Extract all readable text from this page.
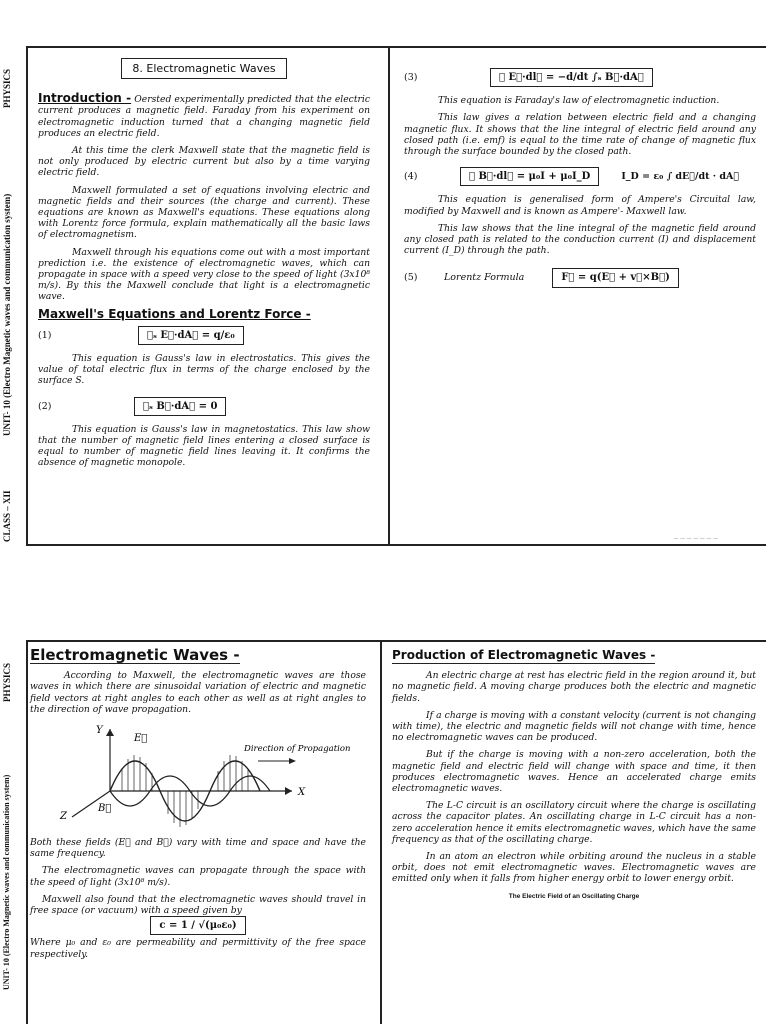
PHYSICS
UNIT- 10 (Electro Magnetic waves and communication system)
CLASS – XII
8. Electromagnetic Waves

Introduction - Oersted experimentally predicted that the electric current produces a magnetic field. Faraday from his experiment on electromagnetic induction turned that a changing magnetic field produces an electric field.

At this time the clerk Maxwell state that the magnetic field is not only produced by electric current but also by a time varying electric field.

Maxwell formulated a set of equations involving electric and magnetic fields and their sources (the charge and current). These equations are known as Maxwell's equations. These equations along with Lorentz force formula, explain mathematically all the basic laws of electromagnetism.

Maxwell through his equations come out with a most important prediction i.e. the existence of electromagnetic waves, which can propagate in space with a speed very close to the speed of light (3x10⁸ m/s). By this the Maxwell conclude that light is a electromagnetic wave.

Maxwell's Equations and Lorentz Force -
(1)	∮ₛ E⃗·dA⃗ = q/ε₀

This equation is Gauss's law in electrostatics. This gives the value of total electric flux in terms of the charge enclosed by the surface S.

(2)	∮ₛ B⃗·dA⃗ = 0

This equation is Gauss's law in magnetostatics. This law show that the number of magnetic field lines entering a closed surface is equal to number of magnetic field lines leaving it. It confirms the absence of magnetic monopole.

(3)	∮ E⃗·dl⃗ = −d/dt ∫ₛ B⃗·dA⃗

This equation is Faraday's law of electromagnetic induction.

This law gives a relation between electric field and a changing magnetic flux. It shows that the line integral of electric field around any closed path (i.e. emf) is equal to the time rate of change of magnetic flux through the surface bounded by the closed path.

(4)	∮ B⃗·dl⃗ = μ₀I + μ₀I_D	I_D = ε₀ ∫ dE⃗/dt · dA⃗

This equation is generalised form of Ampere's Circuital law, modified by Maxwell and is known as Ampere'- Maxwell law.

This law shows that the line integral of the magnetic field around any closed path is related to the conduction current (I) and displacement current (I_D) through the path.

(5)	Lorentz Formula	F⃗ = q(E⃗ + v⃗×B⃗)
— — — — — — —
PHYSICS
UNIT- 10 (Electro Magnetic waves and communication system)
Electromagnetic Waves -

According to Maxwell, the electromagnetic waves are those waves in which there are sinusoidal variation of electric and magnetic field vectors at right angles to each other as well as at right angles to the direction of wave propagation.

Y
E⃗
Z
B⃗
X
Direction of Propagation

Both these fields (E⃗ and B⃗) vary with time and space and have the same frequency.

The electromagnetic waves can propagate through the space with the speed of light (3x10⁸ m/s).

Maxwell also found that the electromagnetic waves should travel in free space (or vacuum) with a speed given by

c = 1 / √(μ₀ε₀)

Where μ₀ and ε₀ are permeability and permittivity of the free space respectively.

Production of Electromagnetic Waves -

An electric charge at rest has electric field in the region around it, but no magnetic field. A moving charge produces both the electric and magnetic fields.

If a charge is moving with a constant velocity (current is not changing with time), the electric and magnetic fields will not change with time, hence no electromagnetic waves can be produced.

But if the charge is moving with a non-zero acceleration, both the magnetic field and electric field will change with space and time, it then produces electromagnetic waves. Hence an accelerated charge emits electromagnetic waves.

The L-C circuit is an oscillatory circuit where the charge is oscillating across the capacitor plates. An oscillating charge in L-C circuit has a non-zero acceleration hence it emits electromagnetic waves, which have the same frequency as that of the oscillating charge.

In an atom an electron while orbiting around the nucleus in a stable orbit, does not emit electromagnetic waves. Electromagnetic waves are emitted only when it falls from higher energy orbit to lower energy orbit.

The Electric Field of an Oscillating Charge
